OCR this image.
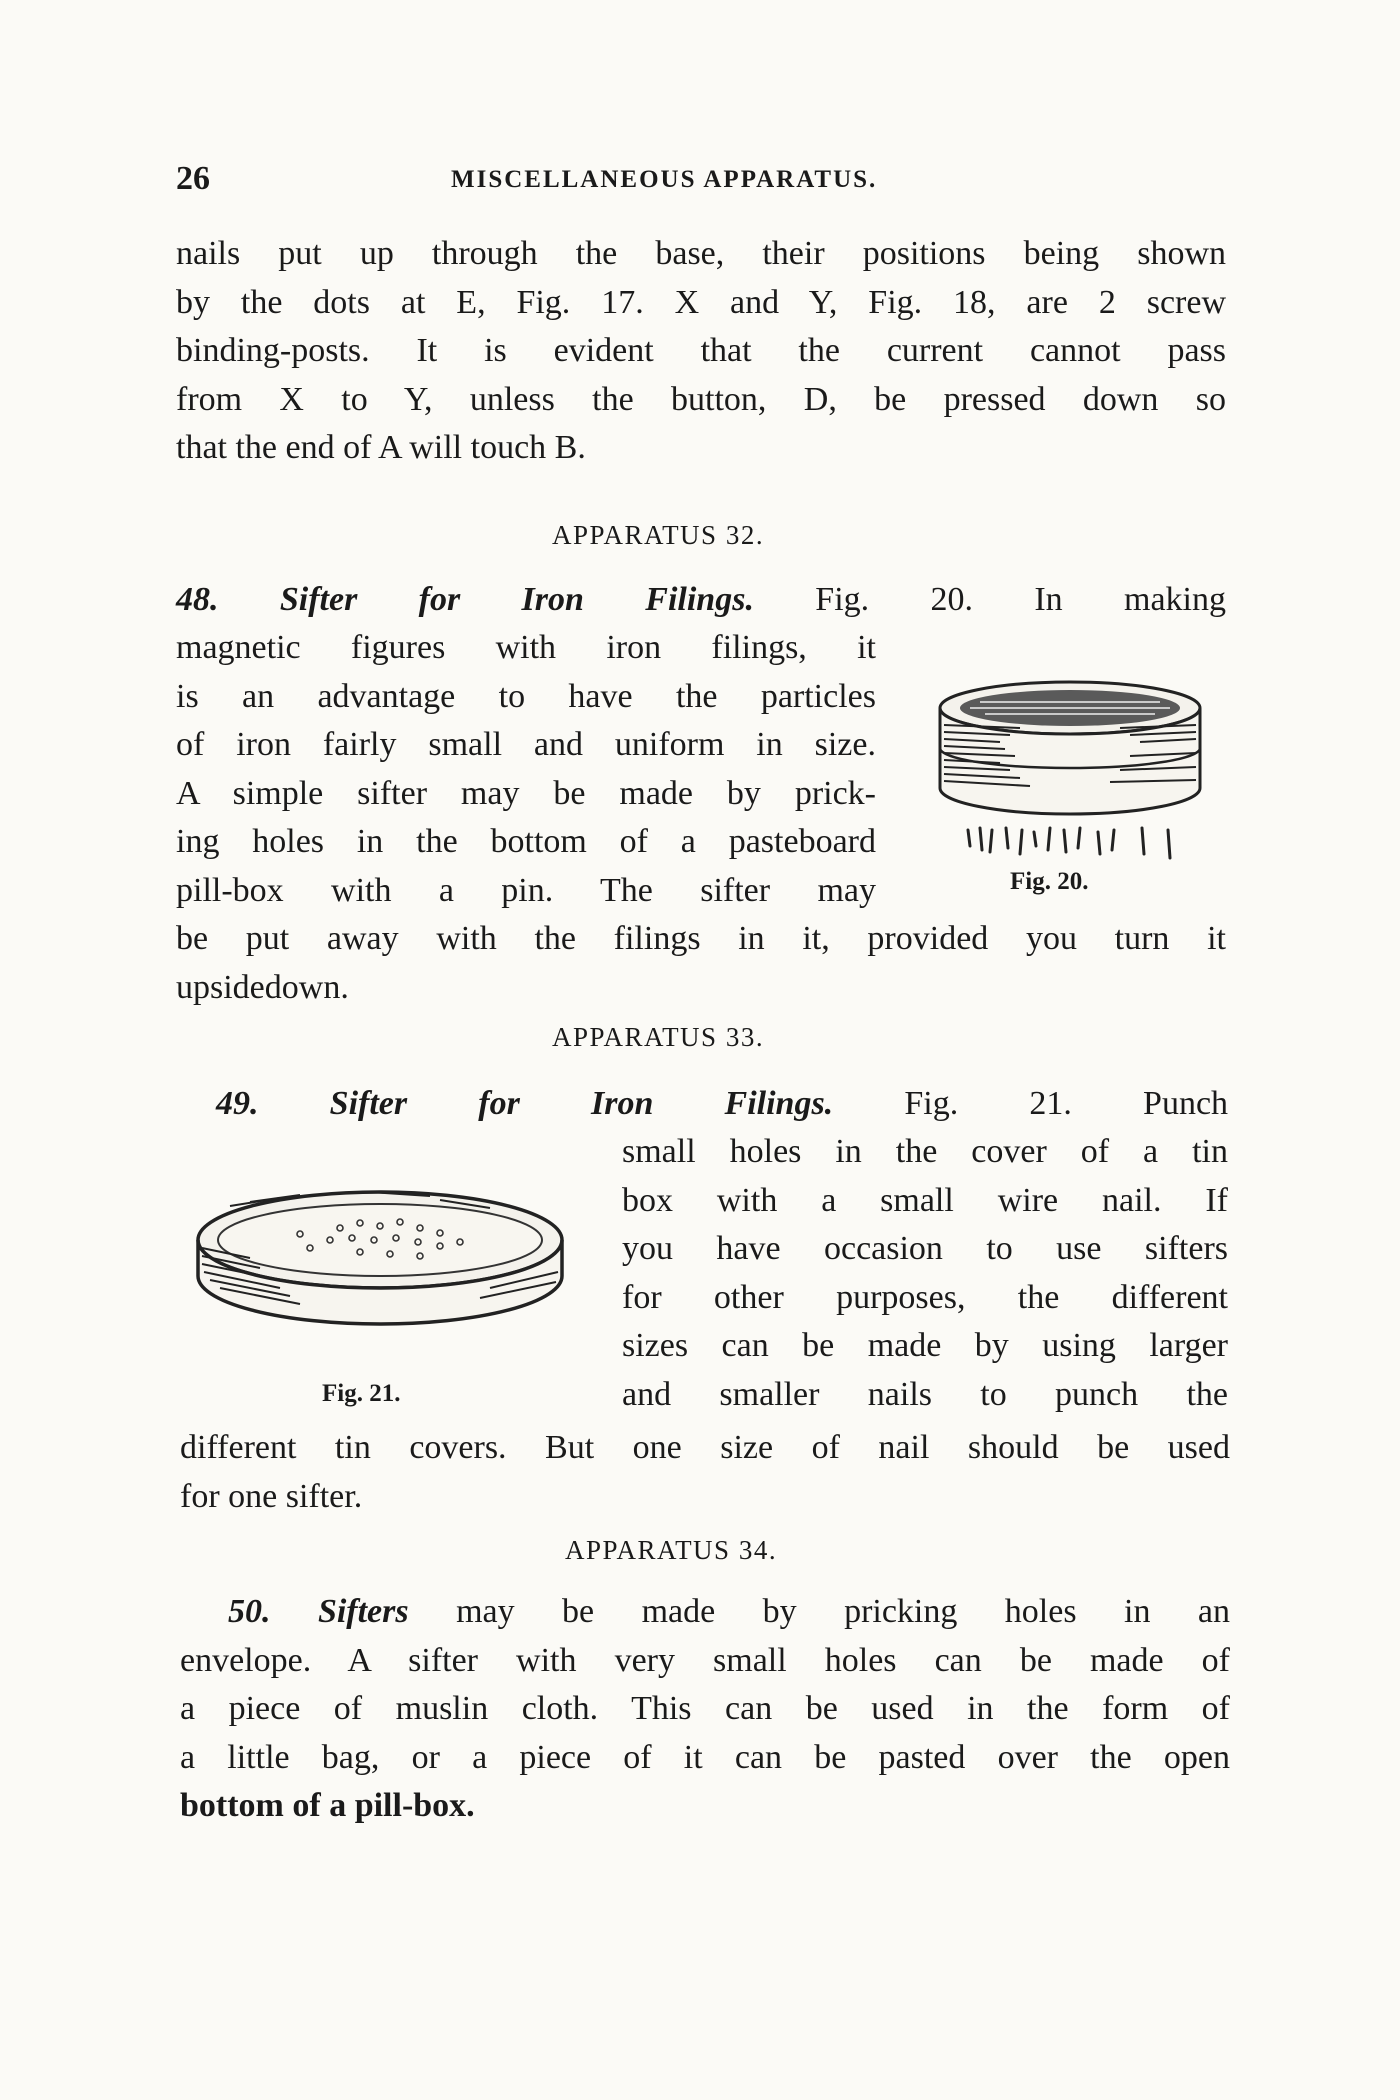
26	MISCELLANEOUS APPARATUS.
nails put up through the base, their positions being shown
by the dots at E, Fig. 17. X and Y, Fig. 18, are 2 screw
binding-posts. It is evident that the current cannot pass
from X to Y, unless the button, D, be pressed down so
that the end of A will touch B.
APPARATUS 32.
48. Sifter for Iron Filings. Fig. 20. In making
magnetic figures with iron filings, it
is an advantage to have the particles
of iron fairly small and uniform in size.
A simple sifter may be made by prick-
ing holes in the bottom of a pasteboard
pill-box with a pin. The sifter may
be put away with the filings in it, provided you turn it
upsidedown.
Fig. 20.
APPARATUS 33.
49. Sifter for Iron Filings. Fig. 21. Punch
small holes in the cover of a tin
box with a small wire nail. If
you have occasion to use sifters
for other purposes, the different
sizes can be made by using larger
and smaller nails to punch the
different tin covers. But one size of nail should be used
for one sifter.
Fig. 21.
APPARATUS 34.
50. Sifters may be made by pricking holes in an
envelope. A sifter with very small holes can be made of
a piece of muslin cloth. This can be used in the form of
a little bag, or a piece of it can be pasted over the open
bottom of a pill-box.
